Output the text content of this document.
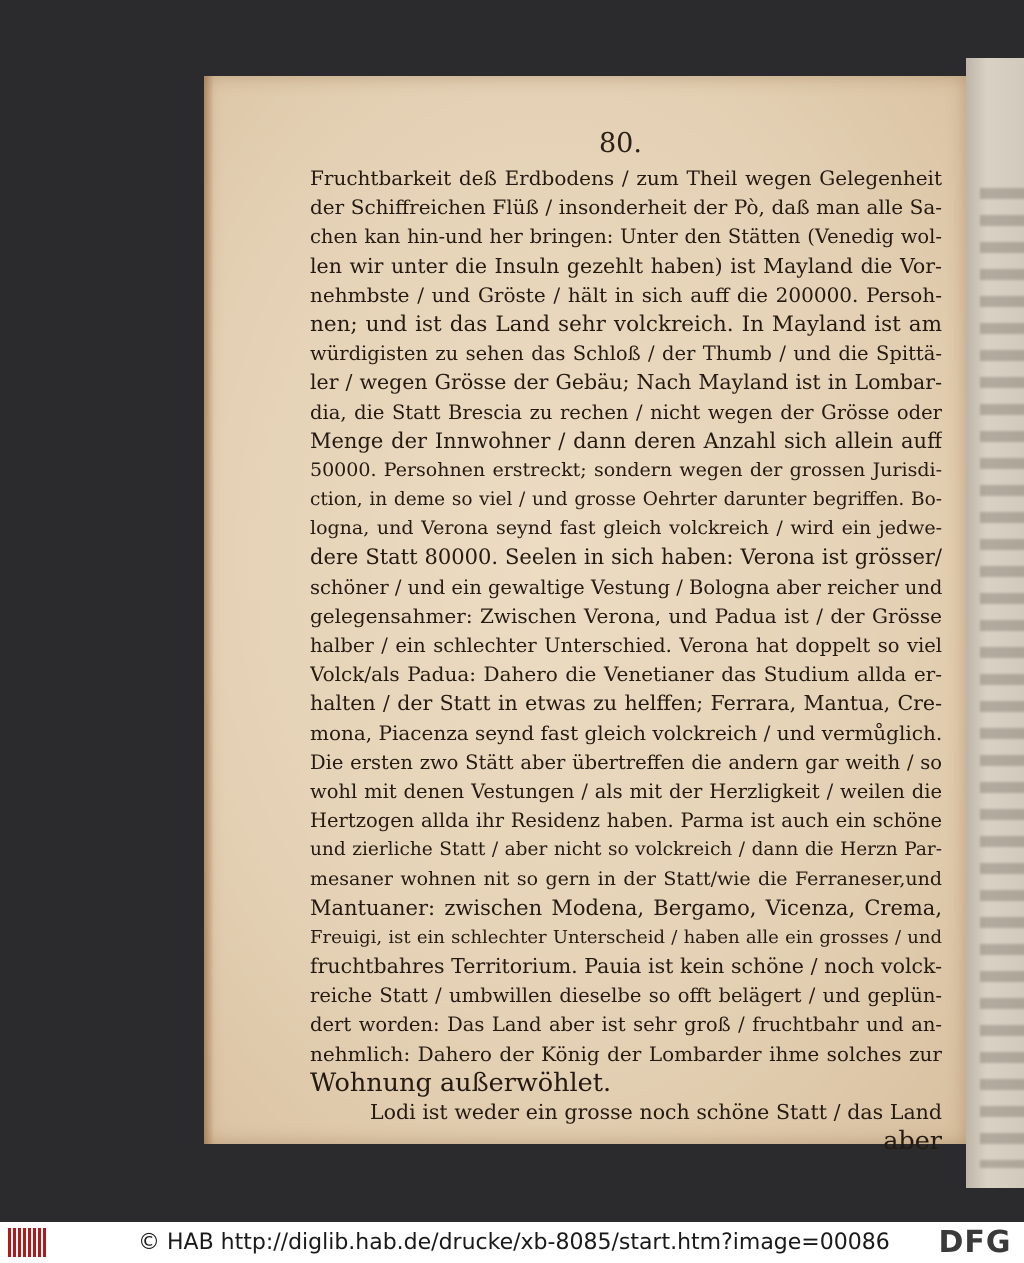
80.
Fruchtbarkeit deß Erdbodens / zum Theil wegen Gelegenheit
der Schiffreichen Flüß / insonderheit der Pò, daß man alle Sa-
chen kan hin-und her bringen: Unter den Stätten (Venedig wol-
len wir unter die Insuln gezehlt haben) ist Mayland die Vor-
nehmbste / und Gröste / hält in sich auff die 200000. Persoh-
nen; und ist das Land sehr volckreich. In Mayland ist am
würdigisten zu sehen das Schloß / der Thumb / und die Spittä-
ler / wegen Grösse der Gebäu; Nach Mayland ist in Lombar-
dia, die Statt Brescia zu rechen / nicht wegen der Grösse oder
Menge der Innwohner / dann deren Anzahl sich allein auff
50000. Persohnen erstreckt; sondern wegen der grossen Jurisdi-
ction, in deme so viel / und grosse Oehrter darunter begriffen. Bo-
logna, und Verona seynd fast gleich volckreich / wird ein jedwe-
dere Statt 80000. Seelen in sich haben: Verona ist grösser/
schöner / und ein gewaltige Vestung / Bologna aber reicher und
gelegensahmer: Zwischen Verona, und Padua ist / der Grösse
halber / ein schlechter Unterschied. Verona hat doppelt so viel
Volck/als Padua: Dahero die Venetianer das Studium allda er-
halten / der Statt in etwas zu helffen; Ferrara, Mantua, Cre-
mona, Piacenza seynd fast gleich volckreich / und vermůglich.
Die ersten zwo Stätt aber übertreffen die andern gar weith / so
wohl mit denen Vestungen / als mit der Herzligkeit / weilen die
Hertzogen allda ihr Residenz haben. Parma ist auch ein schöne
und zierliche Statt / aber nicht so volckreich / dann die Herzn Par-
mesaner wohnen nit so gern in der Statt/wie die Ferraneser,und
Mantuaner: zwischen Modena, Bergamo, Vicenza, Crema,
Freuigi, ist ein schlechter Unterscheid / haben alle ein grosses / und
fruchtbahres Territorium. Pauia ist kein schöne / noch volck-
reiche Statt / umbwillen dieselbe so offt belägert / und geplün-
dert worden: Das Land aber ist sehr groß / fruchtbahr und an-
nehmlich: Dahero der König der Lombarder ihme solches zur
Wohnung außerwöhlet.
Lodi ist weder ein grosse noch schöne Statt / das Land
aber
© HAB http://diglib.hab.de/drucke/xb-8085/start.htm?image=00086 DFG
